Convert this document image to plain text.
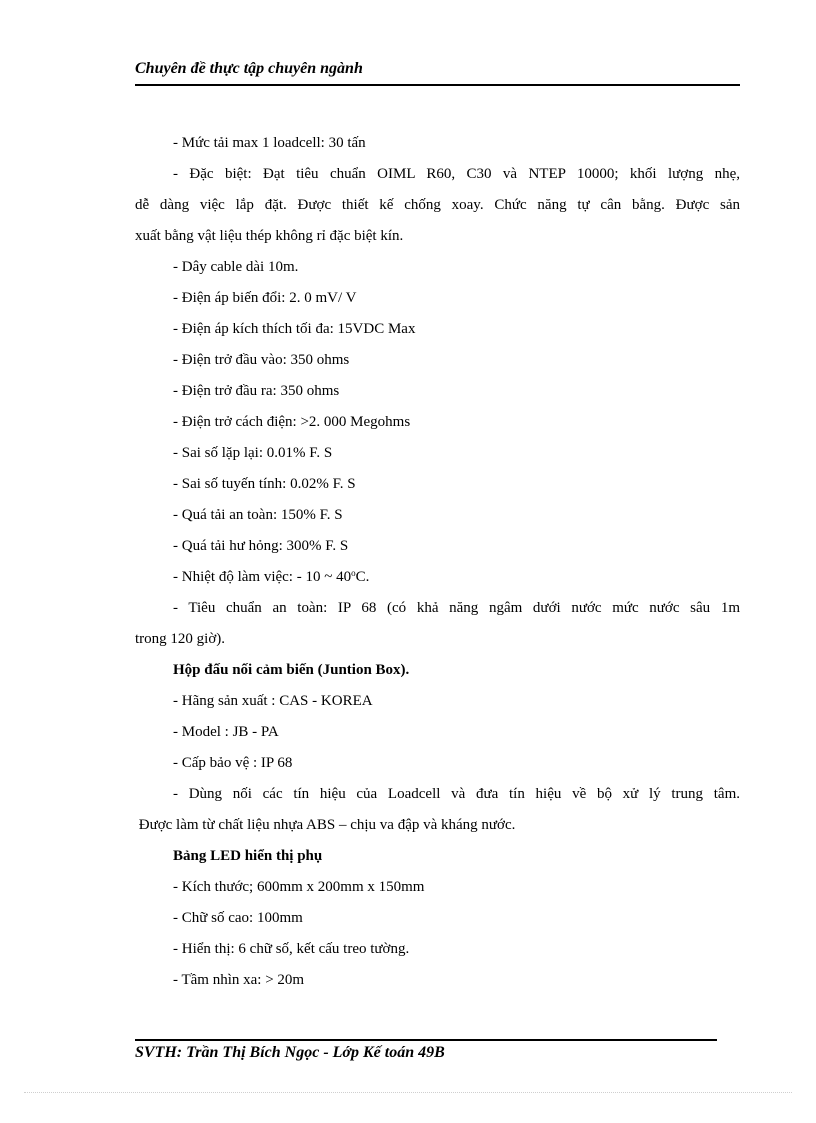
Chuyên đề thực tập chuyên ngành

- Mức tải max 1 loadcell: 30 tấn

- Đặc biệt: Đạt tiêu chuẩn OIML R60, C30 và NTEP 10000; khối lượng nhẹ,

dễ dàng việc lắp đặt. Được thiết kế chống xoay. Chức năng tự cân bằng. Được sản

xuất bằng vật liệu thép không rỉ đặc biệt kín.

- Dây cable dài 10m.

- Điện áp biến đổi: 2. 0 mV/ V

- Điện áp kích thích tối đa: 15VDC Max

- Điện trở đầu vào: 350 ohms

- Điện trở đầu ra: 350 ohms

- Điện trở cách điện: >2. 000 Megohms

- Sai số lặp lại: 0.01% F. S

- Sai số tuyến tính: 0.02% F. S

- Quá tải an toàn: 150% F. S

- Quá tải hư hỏng: 300% F. S

- Nhiệt độ làm việc: - 10 ~ 40$^o$C.

- Tiêu chuẩn an toàn: IP 68 (có khả năng ngâm dưới nước mức nước sâu 1m

trong 120 giờ).

Hộp đấu nối cảm biến (Juntion Box).

- Hãng sản xuất : CAS - KOREA

- Model : JB - PA

- Cấp bảo vệ : IP 68

- Dùng nối các tín hiệu của Loadcell và đưa tín hiệu về bộ xử lý trung tâm.

Được làm từ chất liệu nhựa ABS – chịu va đập và kháng nước.

Bảng LED hiển thị phụ

- Kích thước; 600mm x 200mm x 150mm

- Chữ số cao: 100mm

- Hiển thị: 6 chữ số, kết cấu treo tường.

- Tầm nhìn xa: > 20m

SVTH: Trần Thị Bích Ngọc - Lớp Kế toán 49B
